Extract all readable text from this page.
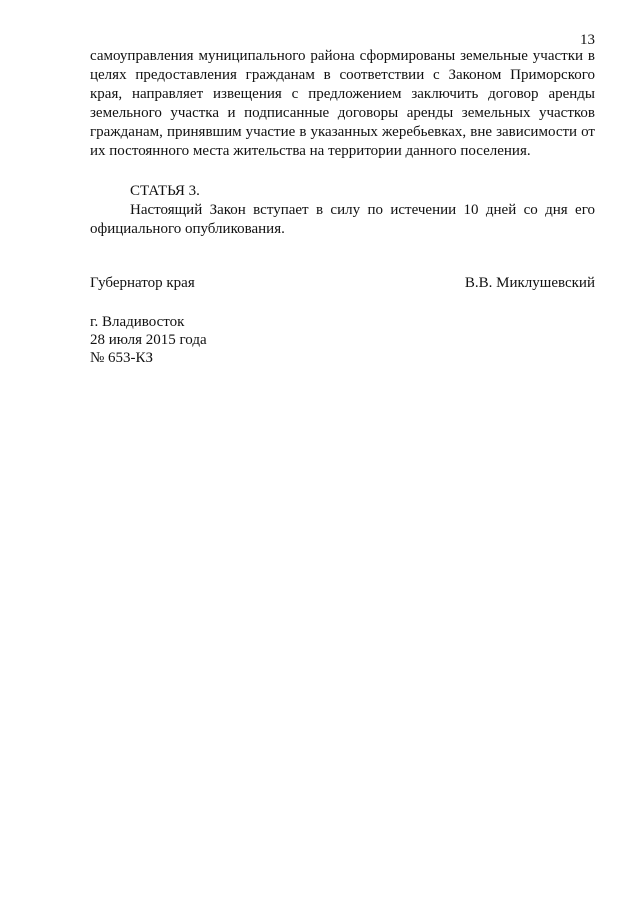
13

самоуправления муниципального района сформированы земельные участки в целях предоставления гражданам в соответствии с Законом Приморского края, направляет извещения с предложением заключить договор аренды земельного участка и подписанные договоры аренды земельных участков гражданам, принявшим участие в указанных жеребьевках, вне зависимости от их постоянного места жительства на территории данного поселения.

СТАТЬЯ 3.

Настоящий Закон вступает в силу по истечении 10 дней со дня его официального опубликования.

Губернатор края	В.В. Миклушевский
г. Владивосток
28 июля 2015 года
№ 653-КЗ
